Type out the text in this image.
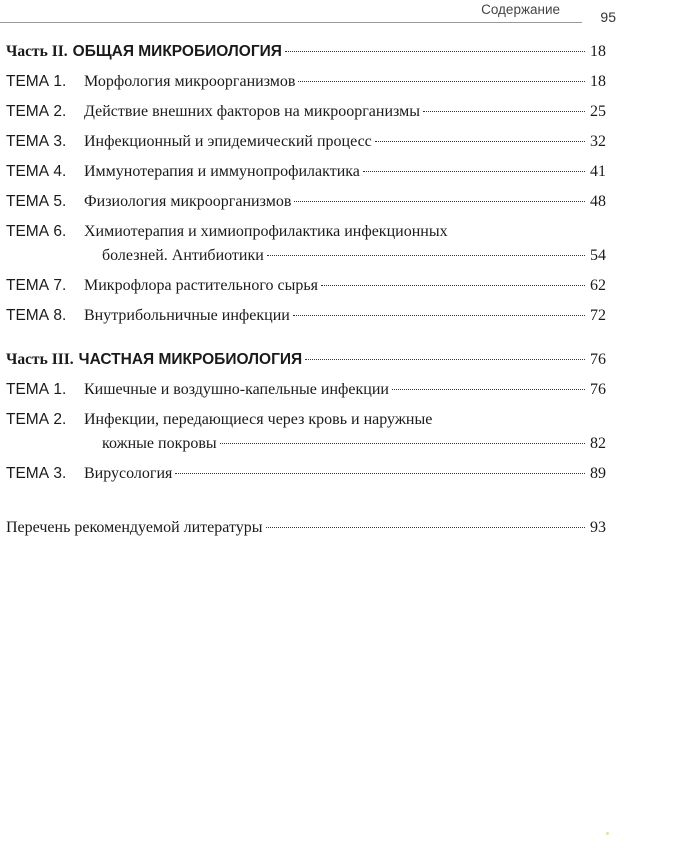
Содержание	95
Часть II. ОБЩАЯ МИКРОБИОЛОГИЯ	18
ТЕМА 1.	Морфология микроорганизмов	18
ТЕМА 2.	Действие внешних факторов на микроорганизмы	25
ТЕМА 3.	Инфекционный и эпидемический процесс	32
ТЕМА 4.	Иммунотерапия и иммунопрофилактика	41
ТЕМА 5.	Физиология микроорганизмов	48
ТЕМА 6.	Химиотерапия и химиопрофилактика инфекционных
болезней. Антибиотики	54
ТЕМА 7.	Микрофлора растительного сырья	62
ТЕМА 8.	Внутрибольничные инфекции	72
Часть III. ЧАСТНАЯ МИКРОБИОЛОГИЯ	76
ТЕМА 1.	Кишечные и воздушно-капельные инфекции	76
ТЕМА 2.	Инфекции, передающиеся через кровь и наружные
кожные покровы	82
ТЕМА 3.	Вирусология	89
Перечень рекомендуемой литературы	93
